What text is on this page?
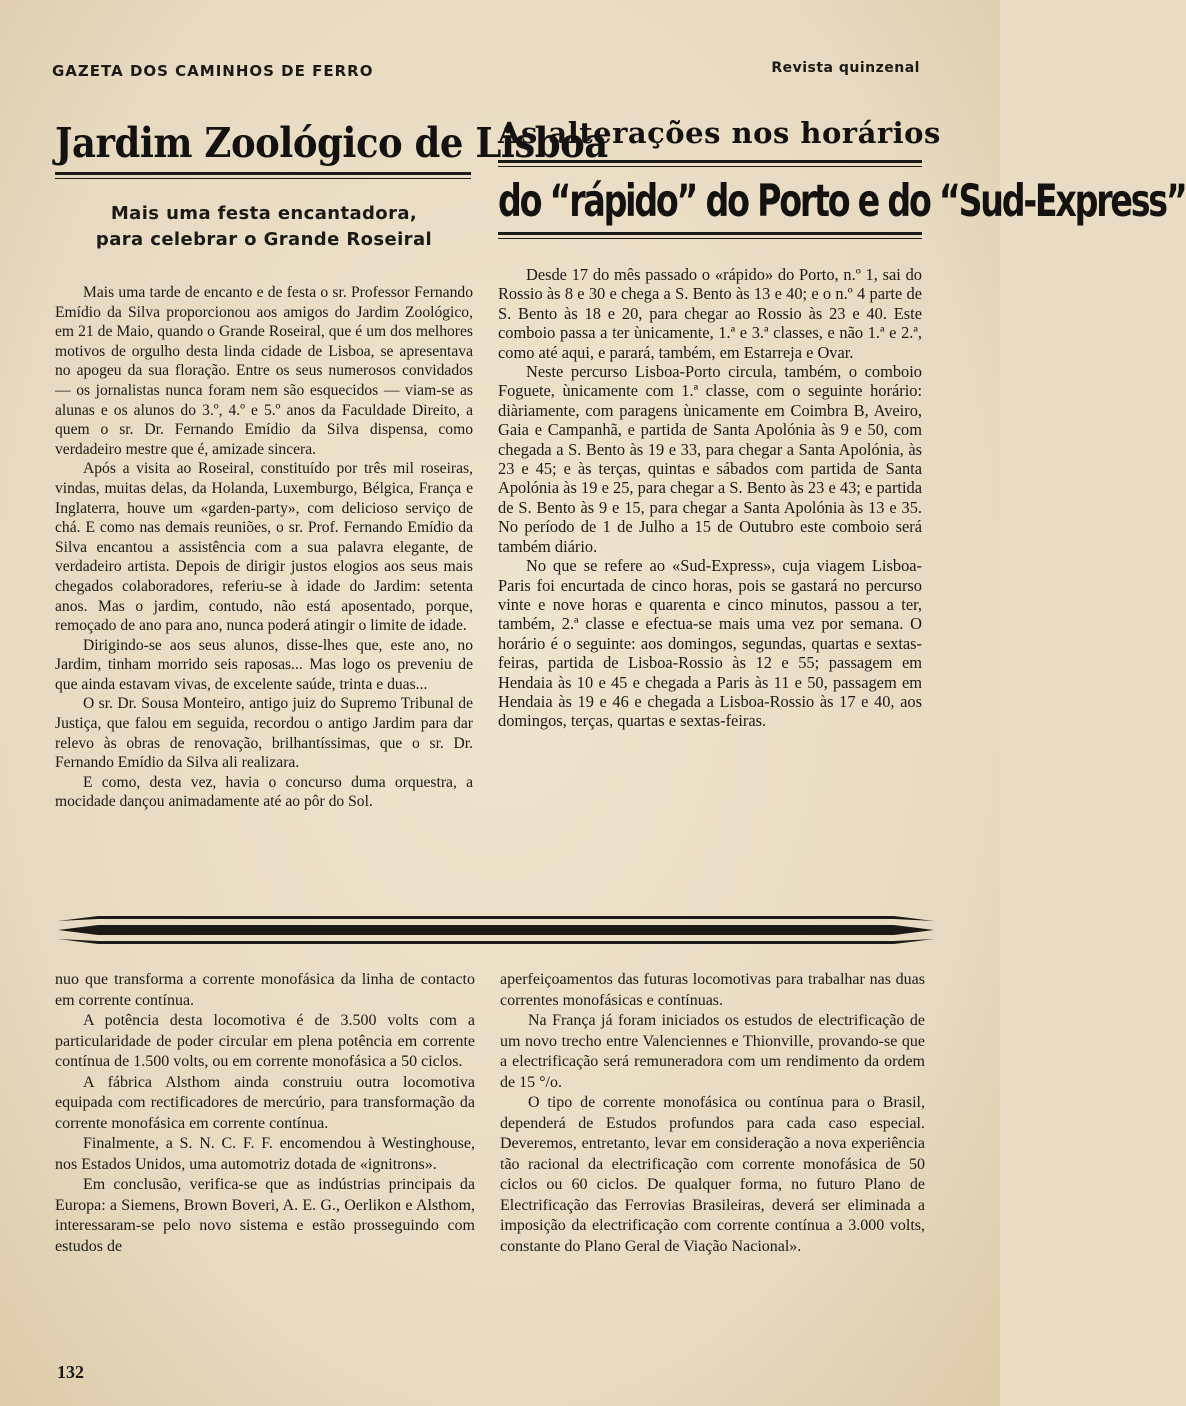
GAZETA DOS CAMINHOS DE FERRO	Revista quinzenal
Jardim Zoológico de Lisboa
Mais uma festa encantadora,
para celebrar o Grande Roseiral

Mais uma tarde de encanto e de festa o sr. Professor Fernando Emídio da Silva proporcionou aos amigos do Jardim Zoológico, em 21 de Maio, quando o Grande Roseiral, que é um dos melhores motivos de orgulho desta linda cidade de Lisboa, se apresentava no apogeu da sua floração. Entre os seus numerosos convidados — os jornalistas nunca foram nem são esquecidos — viam-se as alunas e os alunos do 3.º, 4.º e 5.º anos da Faculdade Direito, a quem o sr. Dr. Fernando Emídio da Silva dispensa, como verdadeiro mestre que é, amizade sincera.

Após a visita ao Roseiral, constituído por três mil roseiras, vindas, muitas delas, da Holanda, Luxemburgo, Bélgica, França e Inglaterra, houve um «garden-party», com delicioso serviço de chá. E como nas demais reuniões, o sr. Prof. Fernando Emídio da Silva encantou a assistência com a sua palavra elegante, de verdadeiro artista. Depois de dirigir justos elogios aos seus mais chegados colaboradores, referiu-se à idade do Jardim: setenta anos. Mas o jardim, contudo, não está aposentado, porque, remoçado de ano para ano, nunca poderá atingir o limite de idade.

Dirigindo-se aos seus alunos, disse-lhes que, este ano, no Jardim, tinham morrido seis raposas... Mas logo os preveniu de que ainda estavam vivas, de excelente saúde, trinta e duas...

O sr. Dr. Sousa Monteiro, antigo juiz do Supremo Tribunal de Justiça, que falou em seguida, recordou o antigo Jardim para dar relevo às obras de renovação, brilhantíssimas, que o sr. Dr. Fernando Emídio da Silva ali realizara.

E como, desta vez, havia o concurso duma orquestra, a mocidade dançou animadamente até ao pôr do Sol.

As alterações nos horários
do “rápido” do Porto e do “Sud-Express”

Desde 17 do mês passado o «rápido» do Porto, n.º 1, sai do Rossio às 8 e 30 e chega a S. Bento às 13 e 40; e o n.º 4 parte de S. Bento às 18 e 20, para chegar ao Rossio às 23 e 40. Este comboio passa a ter ùnicamente, 1.ª e 3.ª classes, e não 1.ª e 2.ª, como até aqui, e parará, também, em Estarreja e Ovar.

Neste percurso Lisboa-Porto circula, também, o comboio Foguete, ùnicamente com 1.ª classe, com o seguinte horário: diàriamente, com paragens ùnicamente em Coimbra B, Aveiro, Gaia e Campanhã, e partida de Santa Apolónia às 9 e 50, com chegada a S. Bento às 19 e 33, para chegar a Santa Apolónia, às 23 e 45; e às terças, quintas e sábados com partida de Santa Apolónia às 19 e 25, para chegar a S. Bento às 23 e 43; e partida de S. Bento às 9 e 15, para chegar a Santa Apolónia às 13 e 35. No período de 1 de Julho a 15 de Outubro este comboio será também diário.

No que se refere ao «Sud-Express», cuja viagem Lisboa-Paris foi encurtada de cinco horas, pois se gastará no percurso vinte e nove horas e quarenta e cinco minutos, passou a ter, também, 2.ª classe e efectua-se mais uma vez por semana. O horário é o seguinte: aos domingos, segundas, quartas e sextas-feiras, partida de Lisboa-Rossio às 12 e 55; passagem em Hendaia às 10 e 45 e chegada a Paris às 11 e 50, passagem em Hendaia às 19 e 46 e chegada a Lisboa-Rossio às 17 e 40, aos domingos, terças, quartas e sextas-feiras.

nuo que transforma a corrente monofásica da linha de contacto em corrente contínua.

A potência desta locomotiva é de 3.500 volts com a particularidade de poder circular em plena potência em corrente contínua de 1.500 volts, ou em corrente monofásica a 50 ciclos.

A fábrica Alsthom ainda construiu outra locomotiva equipada com rectificadores de mercúrio, para transformação da corrente monofásica em corrente contínua.

Finalmente, a S. N. C. F. F. encomendou à Westinghouse, nos Estados Unidos, uma automotriz dotada de «ignitrons».

Em conclusão, verifica-se que as indústrias principais da Europa: a Siemens, Brown Boveri, A. E. G., Oerlikon e Alsthom, interessaram-se pelo novo sistema e estão prosseguindo com estudos de

aperfeiçoamentos das futuras locomotivas para trabalhar nas duas correntes monofásicas e contínuas.

Na França já foram iniciados os estudos de electrificação de um novo trecho entre Valenciennes e Thionville, provando-se que a electrificação será remuneradora com um rendimento da ordem de 15 °/o.

O tipo de corrente monofásica ou contínua para o Brasil, dependerá de Estudos profundos para cada caso especial. Deveremos, entretanto, levar em consideração a nova experiência tão racional da electrificação com corrente monofásica de 50 ciclos ou 60 ciclos. De qualquer forma, no futuro Plano de Electrificação das Ferrovias Brasileiras, deverá ser eliminada a imposição da electrificação com corrente contínua a 3.000 volts, constante do Plano Geral de Viação Nacional».

132
